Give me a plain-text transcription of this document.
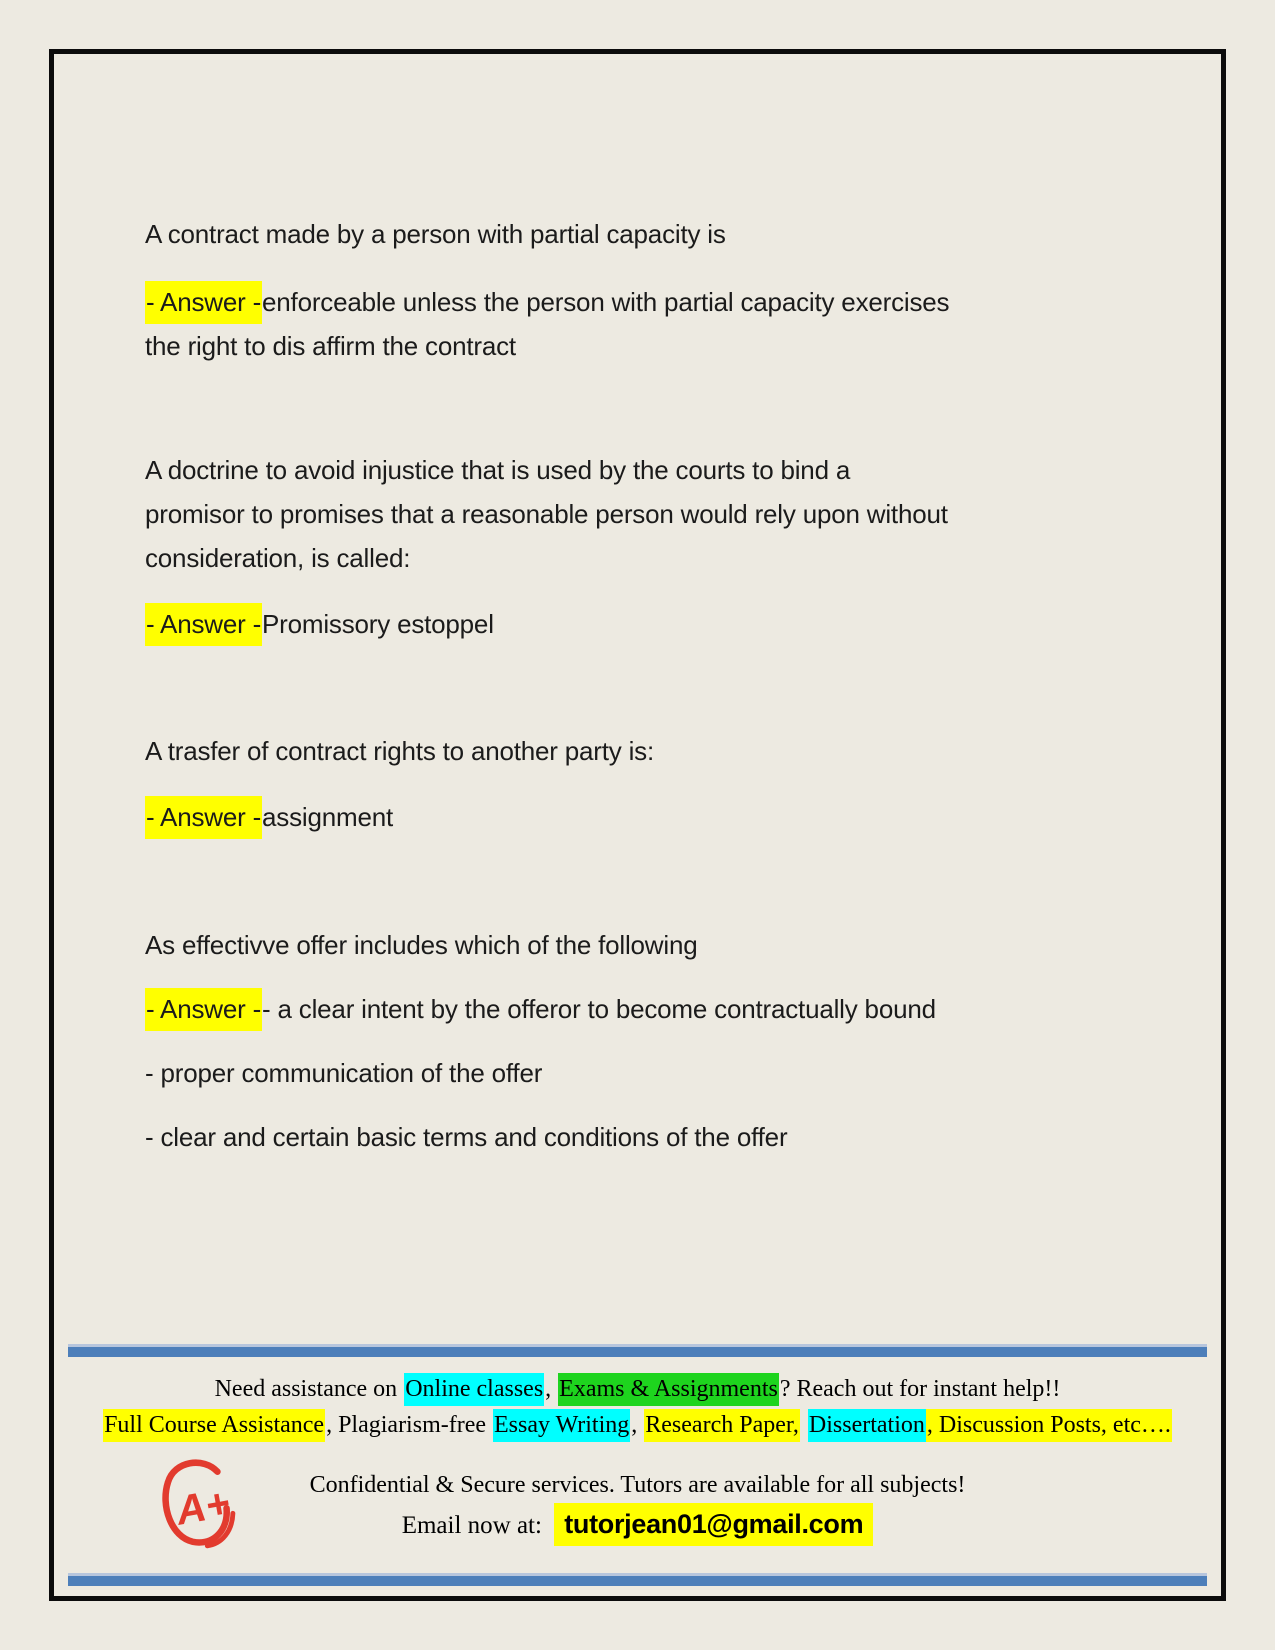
A contract made by a person with partial capacity is
- Answer -enforceable unless the person with partial capacity exercises
the right to dis affirm the contract
A doctrine to avoid injustice that is used by the courts to bind a
promisor to promises that a reasonable person would rely upon without
consideration, is called:
- Answer -Promissory estoppel
A trasfer of contract rights to another party is:
- Answer -assignment
As effectivve offer includes which of the following
- Answer -- a clear intent by the offeror to become contractually bound
- proper communication of the offer
- clear and certain basic terms and conditions of the offer
Need assistance on Online classes, Exams & Assignments? Reach out for instant help!!
Full Course Assistance, Plagiarism-free Essay Writing, Research Paper, Dissertation, Discussion Posts, etc….
A+	Confidential & Secure services. Tutors are available for all subjects!
Email now at: tutorjean01@gmail.com
